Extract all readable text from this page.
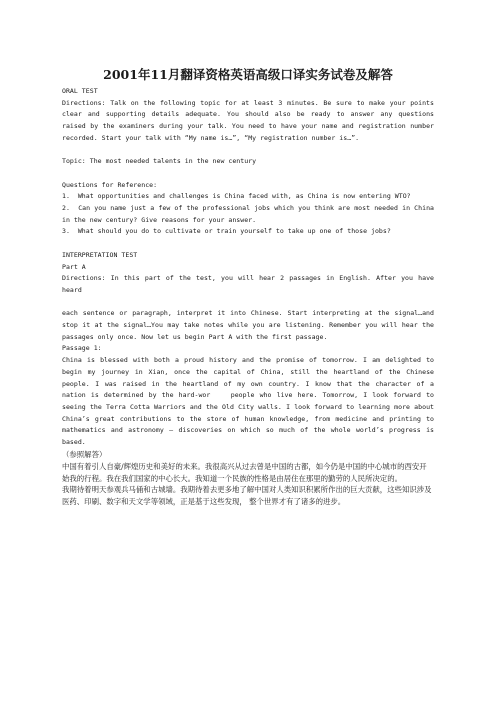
2001年11月翻译资格英语高级口译实务试卷及解答

ORAL TEST

Directions: Talk on the following topic for at least 3 minutes. Be sure to make your points clear and supporting details adequate. You should also be ready to answer any questions raised by the examiners during your talk. You need to have your name and registration number recorded. Start your talk with “My name is…”, “My registration number is…”.

Topic: The most needed talents in the new century

Questions for Reference:

1.  What opportunities and challenges is China faced with, as China is now entering WTO?

2.  Can you name just a few of the professional jobs which you think are most needed in China in the new century? Give reasons for your answer.

3.  What should you do to cultivate or train yourself to take up one of those jobs?

INTERPRETATION TEST

Part A

Directions: In this part of the test, you will hear 2 passages in English. After you have heard

each sentence or paragraph, interpret it into Chinese. Start interpreting at the signal…and stop it at the signal…You may take notes while you are listening. Remember you will hear the passages only once. Now let us begin Part A with the first passage.

Passage 1:

China is blessed with both a proud history and the promise of tomorrow. I am delighted to begin my journey in Xian, once the capital of China, still the heartland of the Chinese people. I was raised in the heartland of my own country. I know that the character of a nation is determined by the hard-wor    people who live here. Tomorrow, I look forward to seeing the Terra Cotta Warriors and the Old City walls. I look forward to learning more about China’s great contributions to the store of human knowledge, from medicine and printing to mathematics and astronomy — discoveries on which so much of the whole world’s progress is based.

（参照解答）

中国有着引人自豪/辉煌历史和美好的未来。我很高兴从过去曾是中国的古都，如今仍是中国的中心城市的西安开始我的行程。我在我们国家的中心长大。我知道一个民族的性格是由居住在那里的勤劳的人民所决定的。

我期待着明天参观兵马俑和古城墙。我期待着去更多地了解中国对人类知识积累所作出的巨大贡献，这些知识涉及医药、印刷、数字和天文学等领域，正是基于这些发现， 整个世界才有了诸多的进步。
